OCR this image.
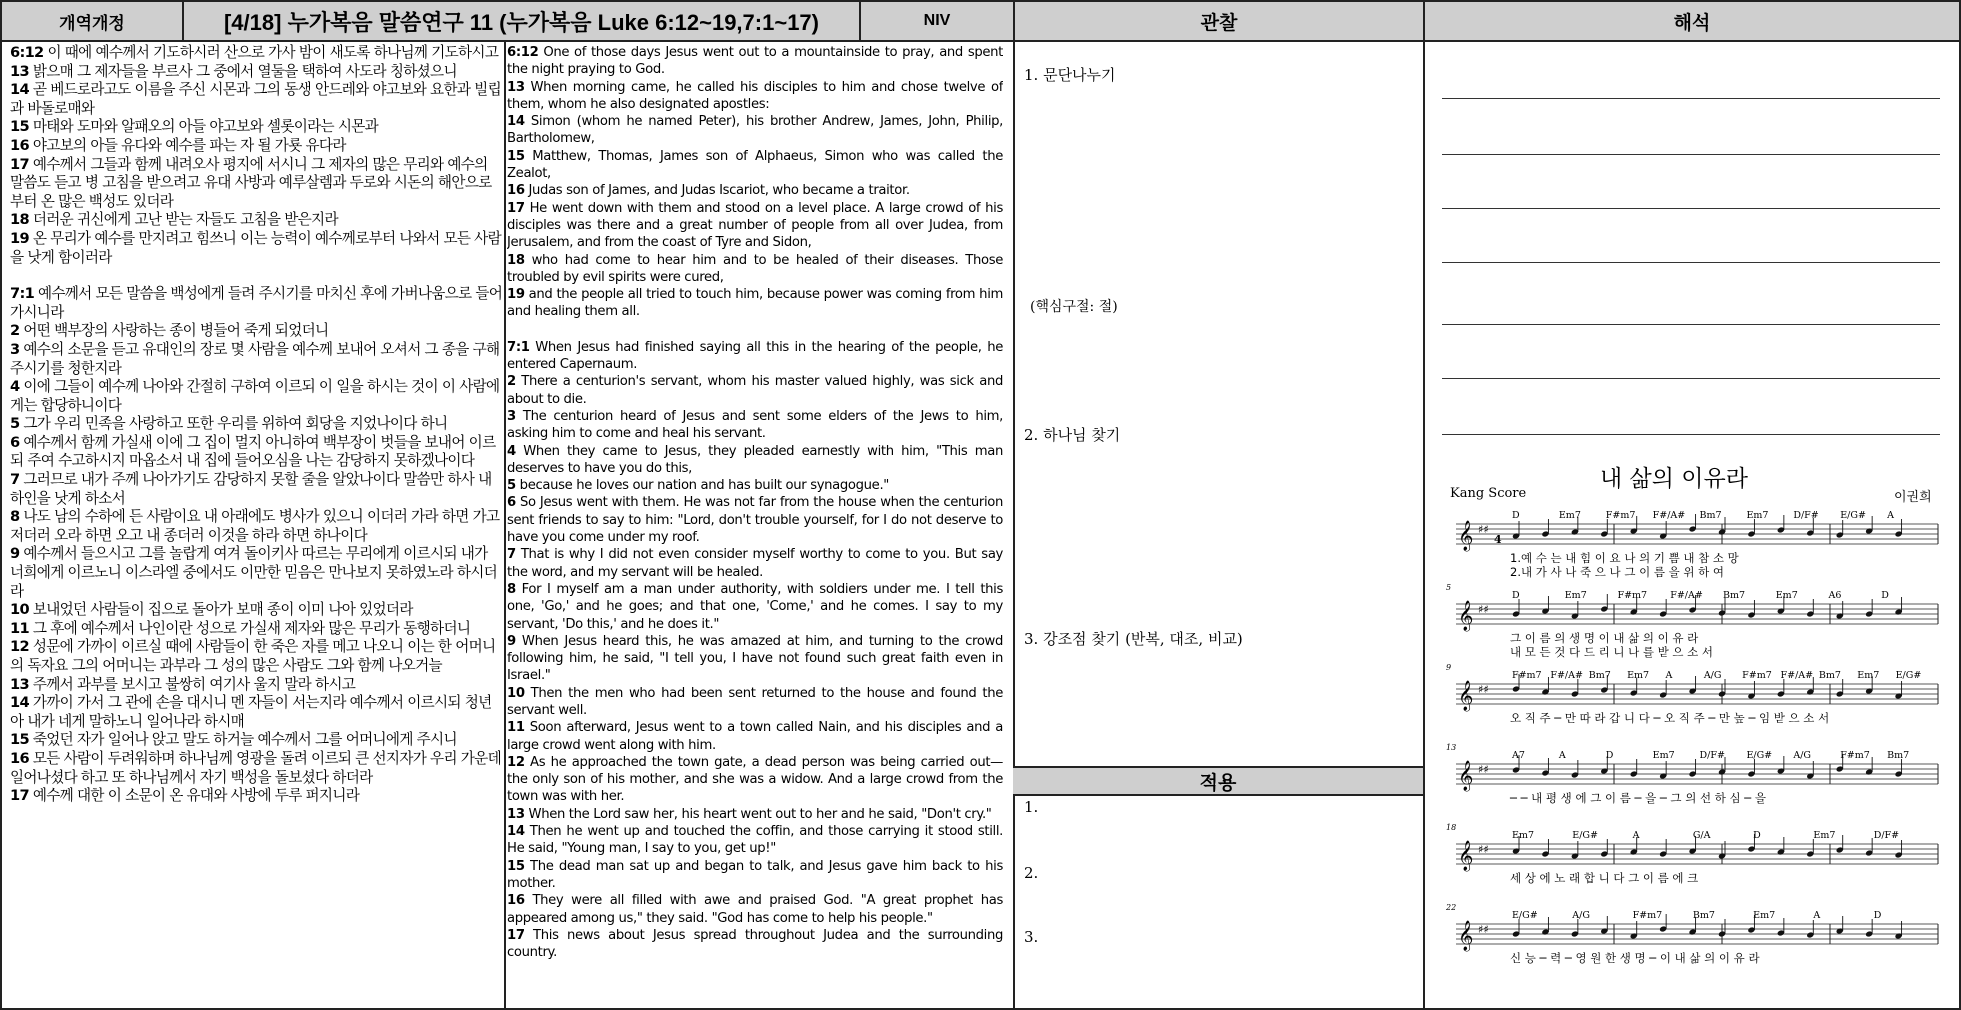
개역개정	[4/18] 누가복음 말씀연구 11 (누가복음 Luke 6:12~19,7:1~17)	NIV	관찰	해석
6:12 이 때에 예수께서 기도하시러 산으로 가사 밤이 새도록 하나님께 기도하시고
13 밝으매 그 제자들을 부르사 그 중에서 열둘을 택하여 사도라 칭하셨으니
14 곧 베드로라고도 이름을 주신 시몬과 그의 동생 안드레와 야고보와 요한과 빌립과 바돌로매와
15 마태와 도마와 알패오의 아들 야고보와 셀롯이라는 시몬과
16 야고보의 아들 유다와 예수를 파는 자 될 가룟 유다라
17 예수께서 그들과 함께 내려오사 평지에 서시니 그 제자의 많은 무리와 예수의 말씀도 듣고 병 고침을 받으려고 유대 사방과 예루살렘과 두로와 시돈의 해안으로부터 온 많은 백성도 있더라
18 더러운 귀신에게 고난 받는 자들도 고침을 받은지라
19 온 무리가 예수를 만지려고 힘쓰니 이는 능력이 예수께로부터 나와서 모든 사람을 낫게 함이러라
7:1 예수께서 모든 말씀을 백성에게 들려 주시기를 마치신 후에 가버나움으로 들어가시니라
2 어떤 백부장의 사랑하는 종이 병들어 죽게 되었더니
3 예수의 소문을 듣고 유대인의 장로 몇 사람을 예수께 보내어 오셔서 그 종을 구해 주시기를 청한지라
4 이에 그들이 예수께 나아와 간절히 구하여 이르되 이 일을 하시는 것이 이 사람에게는 합당하니이다
5 그가 우리 민족을 사랑하고 또한 우리를 위하여 회당을 지었나이다 하니
6 예수께서 함께 가실새 이에 그 집이 멀지 아니하여 백부장이 벗들을 보내어 이르되 주여 수고하시지 마옵소서 내 집에 들어오심을 나는 감당하지 못하겠나이다
7 그러므로 내가 주께 나아가기도 감당하지 못할 줄을 알았나이다 말씀만 하사 내 하인을 낫게 하소서
8 나도 남의 수하에 든 사람이요 내 아래에도 병사가 있으니 이더러 가라 하면 가고 저더러 오라 하면 오고 내 종더러 이것을 하라 하면 하나이다
9 예수께서 들으시고 그를 놀랍게 여겨 돌이키사 따르는 무리에게 이르시되 내가 너희에게 이르노니 이스라엘 중에서도 이만한 믿음은 만나보지 못하였노라 하시더라
10 보내었던 사람들이 집으로 돌아가 보매 종이 이미 나아 있었더라
11 그 후에 예수께서 나인이란 성으로 가실새 제자와 많은 무리가 동행하더니
12 성문에 가까이 이르실 때에 사람들이 한 죽은 자를 메고 나오니 이는 한 어머니의 독자요 그의 어머니는 과부라 그 성의 많은 사람도 그와 함께 나오거늘
13 주께서 과부를 보시고 불쌍히 여기사 울지 말라 하시고
14 가까이 가서 그 관에 손을 대시니 멘 자들이 서는지라 예수께서 이르시되 청년아 내가 네게 말하노니 일어나라 하시매
15 죽었던 자가 일어나 앉고 말도 하거늘 예수께서 그를 어머니에게 주시니
16 모든 사람이 두려워하며 하나님께 영광을 돌려 이르되 큰 선지자가 우리 가운데 일어나셨다 하고 또 하나님께서 자기 백성을 돌보셨다 하더라
17 예수께 대한 이 소문이 온 유대와 사방에 두루 퍼지니라
6:12 One of those days Jesus went out to a mountainside to pray, and spent the night praying to God.
13 When morning came, he called his disciples to him and chose twelve of them, whom he also designated apostles:
14 Simon (whom he named Peter), his brother Andrew, James, John, Philip, Bartholomew,
15 Matthew, Thomas, James son of Alphaeus, Simon who was called the Zealot,
16 Judas son of James, and Judas Iscariot, who became a traitor.
17 He went down with them and stood on a level place. A large crowd of his disciples was there and a great number of people from all over Judea, from Jerusalem, and from the coast of Tyre and Sidon,
18 who had come to hear him and to be healed of their diseases. Those troubled by evil spirits were cured,
19 and the people all tried to touch him, because power was coming from him and healing them all.
7:1 When Jesus had finished saying all this in the hearing of the people, he entered Capernaum.
2 There a centurion's servant, whom his master valued highly, was sick and about to die.
3 The centurion heard of Jesus and sent some elders of the Jews to him, asking him to come and heal his servant.
4 When they came to Jesus, they pleaded earnestly with him, "This man deserves to have you do this,
5 because he loves our nation and has built our synagogue."
6 So Jesus went with them. He was not far from the house when the centurion sent friends to say to him: "Lord, don't trouble yourself, for I do not deserve to have you come under my roof.
7 That is why I did not even consider myself worthy to come to you. But say the word, and my servant will be healed.
8 For I myself am a man under authority, with soldiers under me. I tell this one, 'Go,' and he goes; and that one, 'Come,' and he comes. I say to my servant, 'Do this,' and he does it."
9 When Jesus heard this, he was amazed at him, and turning to the crowd following him, he said, "I tell you, I have not found such great faith even in Israel."
10 Then the men who had been sent returned to the house and found the servant well.
11 Soon afterward, Jesus went to a town called Nain, and his disciples and a large crowd went along with him.
12 As he approached the town gate, a dead person was being carried out—the only son of his mother, and she was a widow. And a large crowd from the town was with her.
13 When the Lord saw her, his heart went out to her and he said, "Don't cry."
14 Then he went up and touched the coffin, and those carrying it stood still. He said, "Young man, I say to you, get up!"
15 The dead man sat up and began to talk, and Jesus gave him back to his mother.
16 They were all filled with awe and praised God. "A great prophet has appeared among us," they said. "God has come to help his people."
17 This news about Jesus spread throughout Judea and the surrounding country.
1. 문단나누기
(핵심구절: 절)
2. 하나님 찾기
3. 강조점 찾기 (반복, 대조, 비교)
적용
1.
2.
3.
내 삶의 이유라
Kang Score	이권희
𝄞 ♯♯
4
D	Em7	F#m7 F#/A# Bm7	Em7	D/F# E/G# A
1.예 수 는 내 힘 이 요 나 의 기 쁨 내 참 소 망
2.내 가 사 나 죽 으 나 그 이 름 을 위 하 여
𝄞 ♯♯
5
D	Em7	F#m7 F#/A# Bm7	Em7	A6	D
그 이 름 의 생 명 이 내 삶 의 이 유 라
내 모 든 것 다 드 리 니 나 를 받 으 소 서
𝄞 ♯♯
9
F#m7 F#/A# Bm7 Em7 A	A/G F#m7 F#/A# Bm7 Em7 E/G#
오 직 주 ─ 만 따 라 갑 니 다 ─ 오 직 주 ─ 만 높 ─ 임 받 으 소 서
𝄞 ♯♯
13
A7	A	D	Em7	D/F# E/G# A/G	F#m7 Bm7
─ ─ 내 평 생 에 그 이 름 ─ 을 ─ 그 의 선 하 심 ─ 을
𝄞 ♯♯
18
Em7	E/G#	A	G/A	D	Em7	D/F#
세 상 에 노 래 합 니 다 그 이 름 에 크
𝄞 ♯♯
22
E/G#	A/G	F#m7	Bm7	Em7	A	D
신 능 ─ 력 ─ 영 원 한 생 명 ─ 이 내 삶 의 이 유 라
